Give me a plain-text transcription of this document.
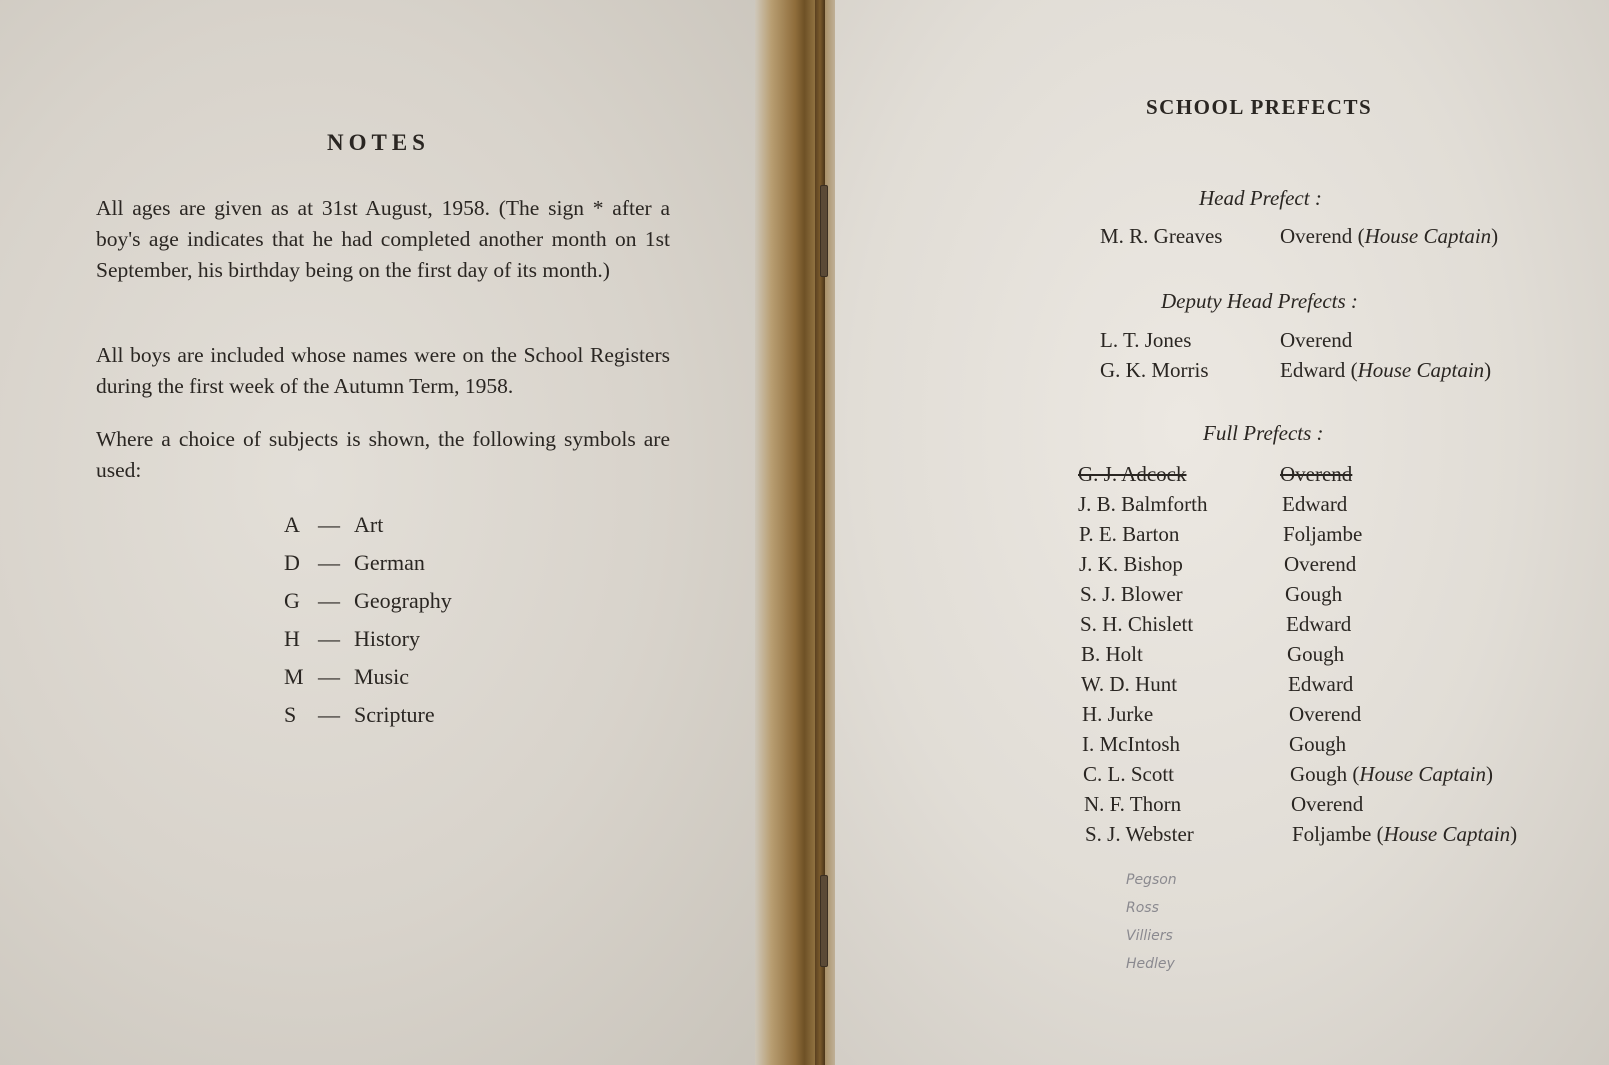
NOTES
All ages are given as at 31st August, 1958. (The sign * after a boy's age indicates that he had completed another month on 1st September, his birthday being on the first day of its month.)
All boys are included whose names were on the School Registers during the first week of the Autumn Term, 1958.
Where a choice of subjects is shown, the following symbols are used:
A — Art
D — German
G — Geography
H — History
M — Music
S — Scripture
SCHOOL PREFECTS
Head Prefect :
M. R. Greaves	Overend (House Captain)
Deputy Head Prefects :
L. T. Jones	Overend
G. K. Morris	Edward (House Captain)
Full Prefects :
G. J. Adcock	Overend
J. B. Balmforth	Edward
P. E. Barton	Foljambe
J. K. Bishop	Overend
S. J. Blower	Gough
S. H. Chislett	Edward
B. Holt	Gough
W. D. Hunt	Edward
H. Jurke	Overend
I. McIntosh	Gough
C. L. Scott	Gough (House Captain)
N. F. Thorn	Overend
S. J. Webster	Foljambe (House Captain)
Pegson
Ross
Villiers
Hedley
